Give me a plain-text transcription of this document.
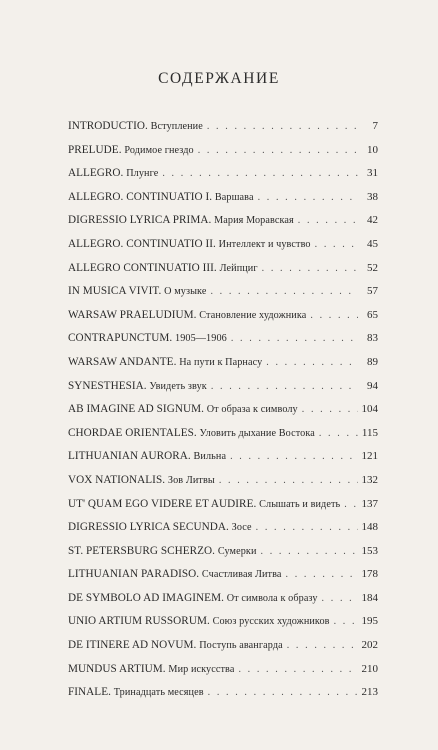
СОДЕРЖАНИЕ
INTRODUCTIO. Вступление . . .	7
PRELUDE. Родимое гнездо . . .	10
ALLEGRO. Плунге . . .	31
ALLEGRO. CONTINUATIO I. Варшава . . .	38
DIGRESSIO LYRICA PRIMA. Мария Моравская . . .	42
ALLEGRO. CONTINUATIO II. Интеллект и чувство . . .	45
ALLEGRO CONTINUATIO III. Лейпциг . . .	52
IN MUSICA VIVIT. О музыке . . .	57
WARSAW PRAELUDIUM. Становление художника . . .	65
CONTRAPUNCTUM. 1905—1906 . . .	83
WARSAW ANDANTE. На пути к Парнасу . . .	89
SYNESTHESIA. Увидеть звук . . .	94
AB IMAGINE AD SIGNUM. От образа к символу . . .	104
CHORDAE ORIENTALES. Уловить дыхание Востока . . .	115
LITHUANIAN AURORA. Вильна . . .	121
VOX NATIONALIS. Зов Литвы . . .	132
UT' QUAM EGO VIDERE ET AUDIRE. Слышать и видеть . . . 137
DIGRESSIO LYRICA SECUNDA. Зосе . . .	148
ST. PETERSBURG SCHERZO. Сумерки . . .	153
LITHUANIAN PARADISO. Счастливая Литва . . .	178
DE SYMBOLO AD IMAGINEM. От символа к образу . . .	184
UNIO ARTIUM RUSSORUM. Союз русских художников . . .	195
DE ITINERE AD NOVUM. Поступь авангарда . . .	202
MUNDUS ARTIUM. Мир искусства . . .	210
FINALE. Тринадцать месяцев . . .	213
